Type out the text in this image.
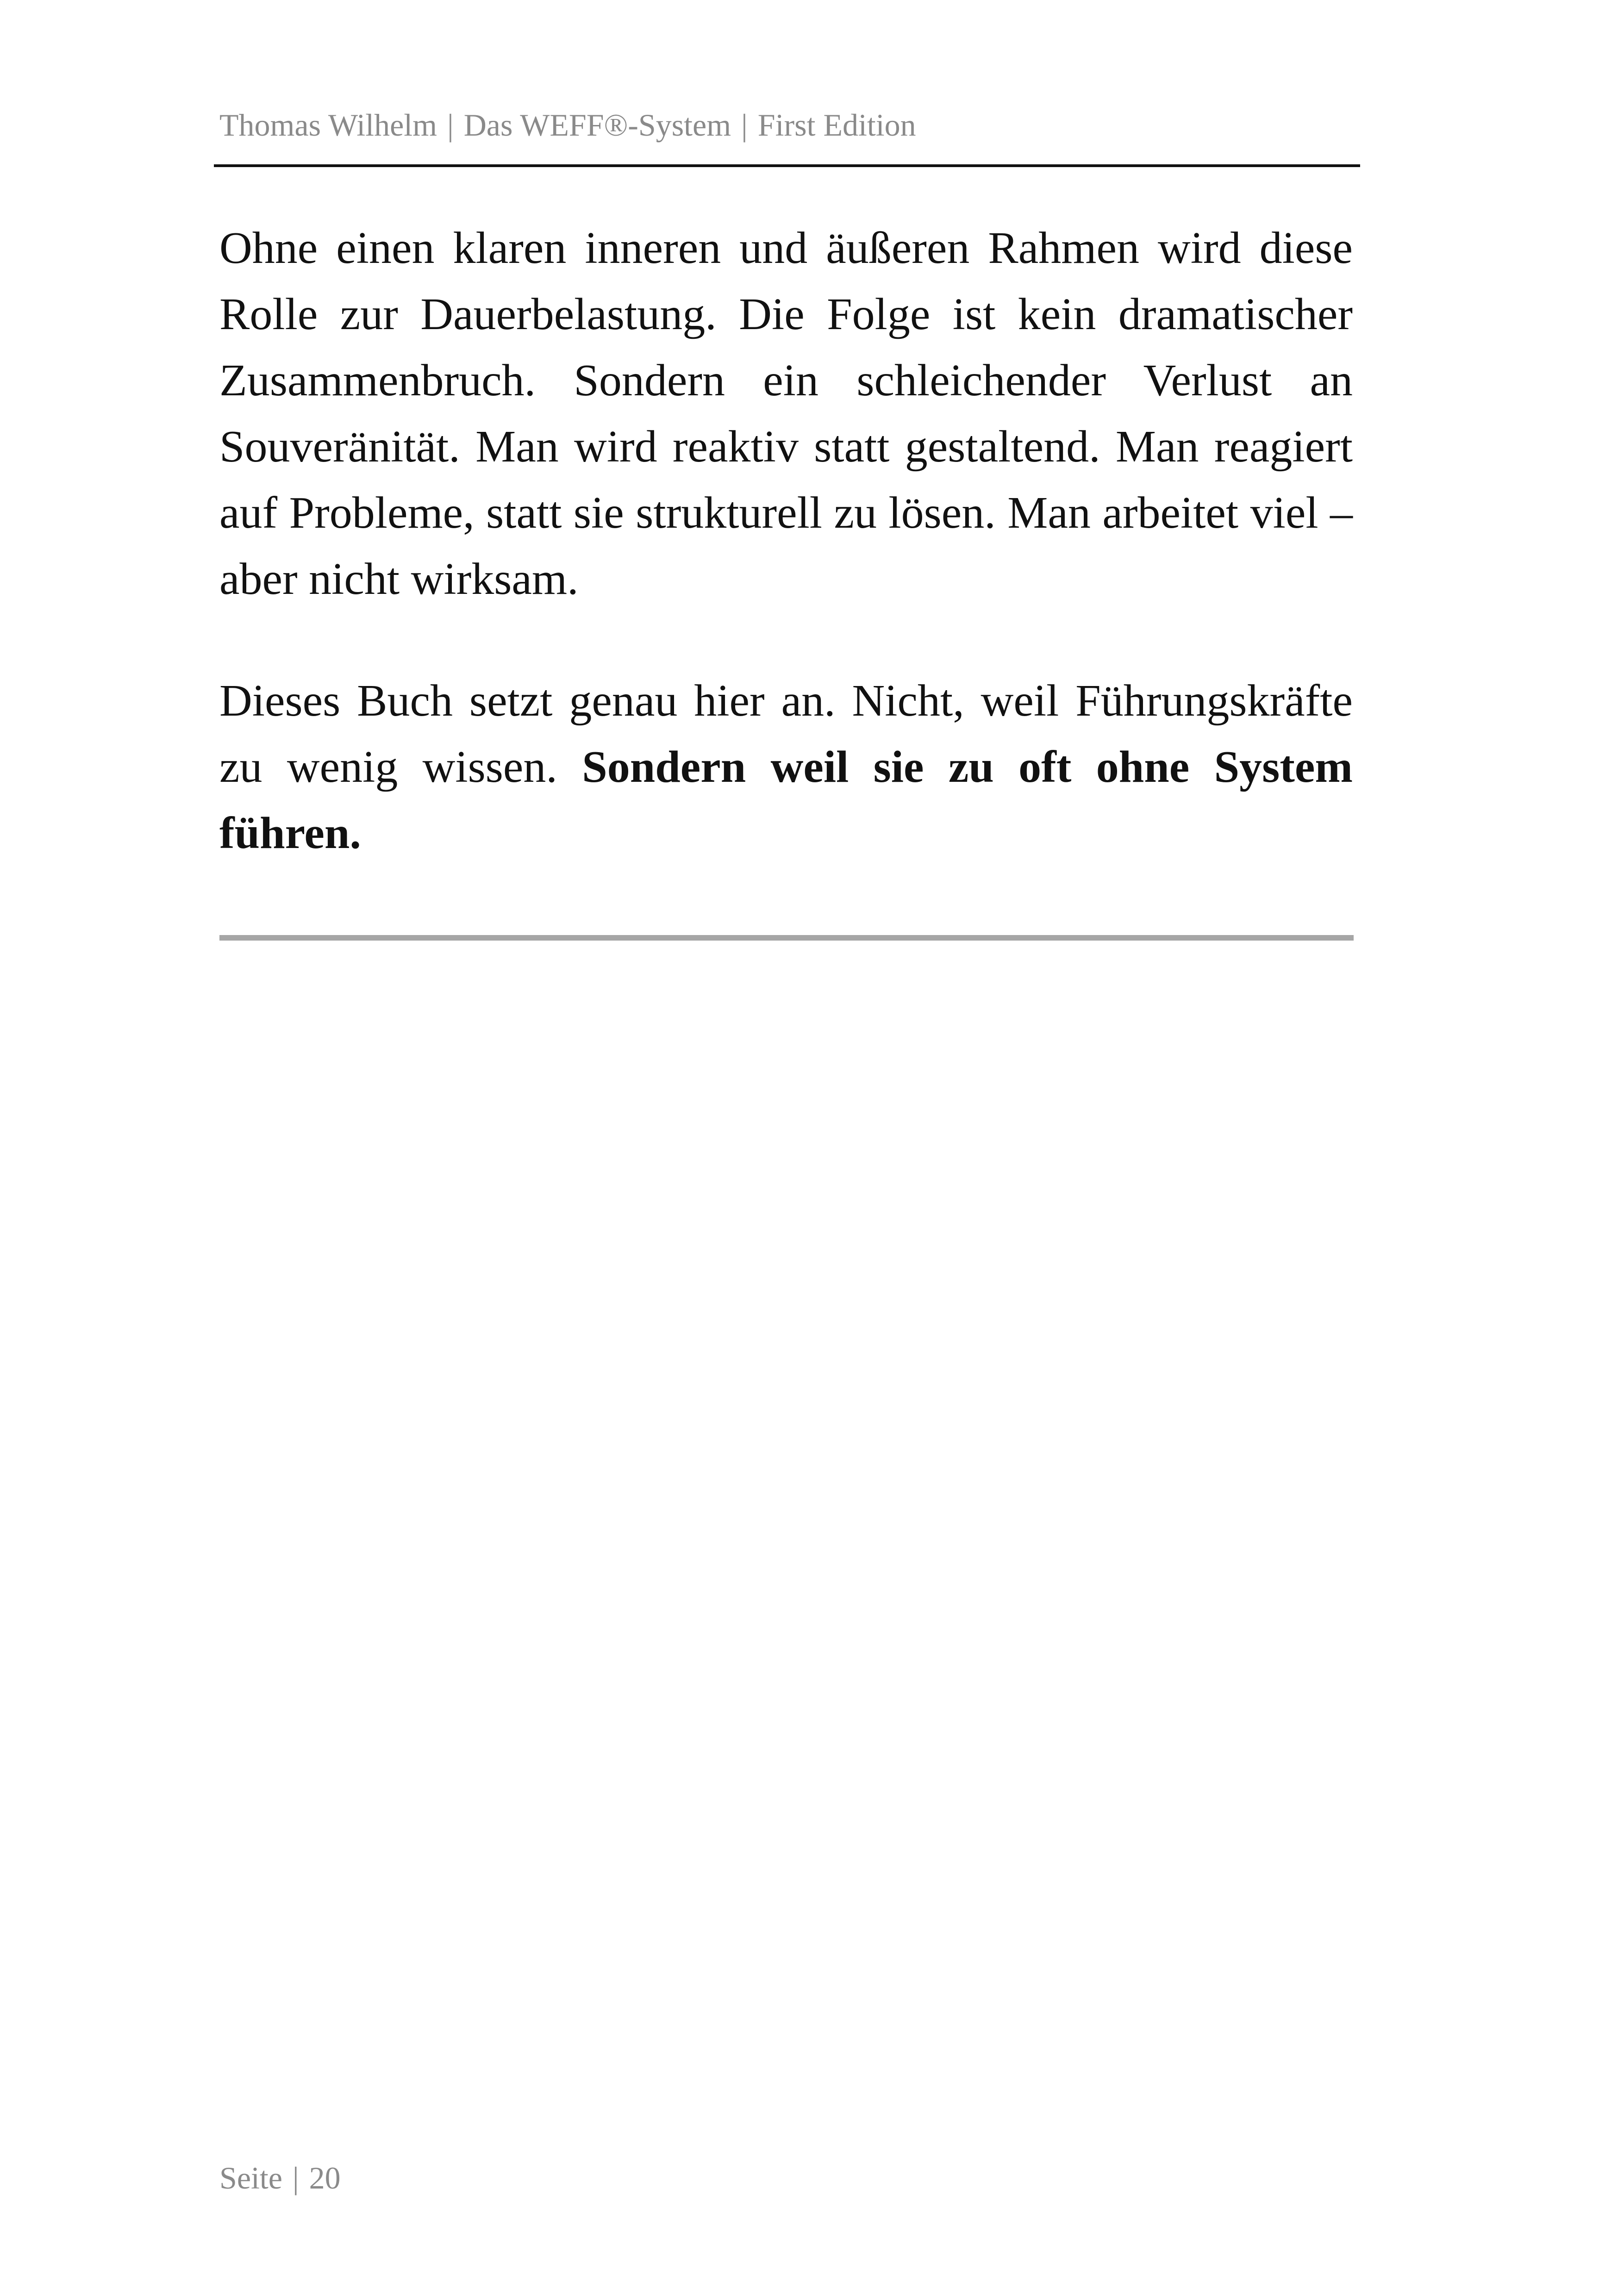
Thomas Wilhelm | Das WEFF®-System | First Edition

Ohne einen klaren inneren und äußeren Rahmen wird diese Rolle zur Dauerbelastung. Die Folge ist kein dramatischer Zusammenbruch. Sondern ein schleichender Verlust an Souveränität. Man wird reaktiv statt gestaltend. Man reagiert auf Probleme, statt sie strukturell zu lösen. Man arbeitet viel – aber nicht wirksam.

Dieses Buch setzt genau hier an. Nicht, weil Führungskräfte zu wenig wissen. Sondern weil sie zu oft ohne System führen.

Seite | 20
